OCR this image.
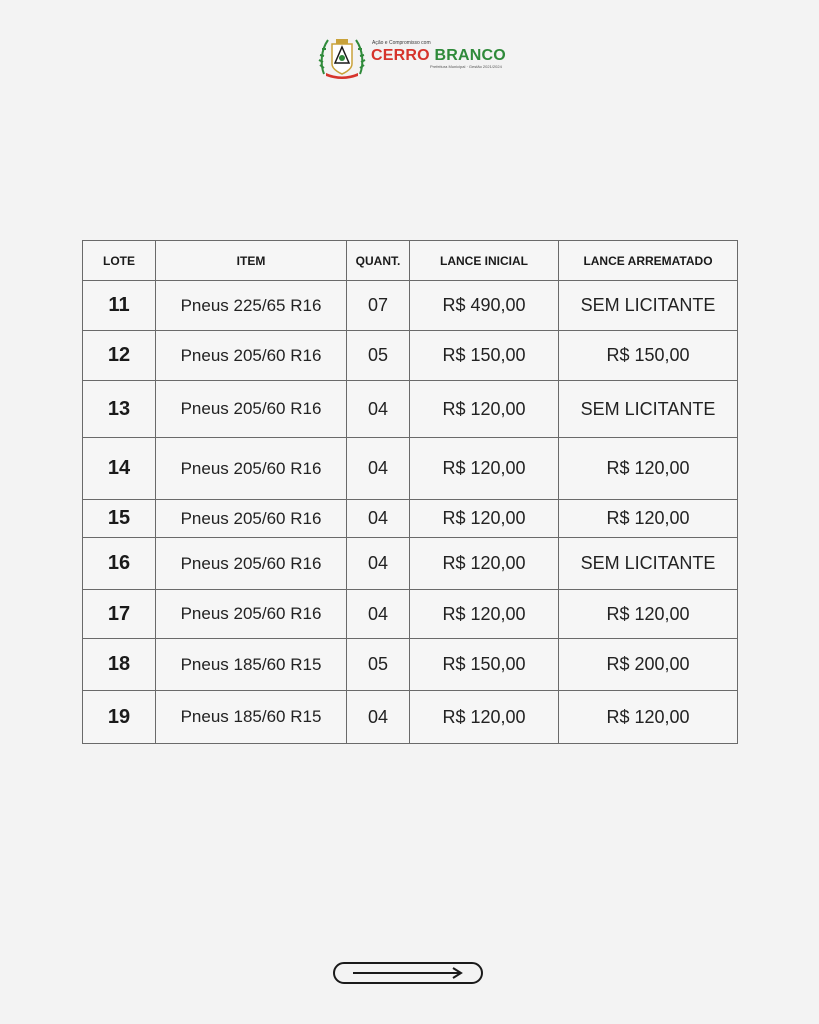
Ação e Compromisso com
CERRO BRANCO
Prefeitura Municipal · Gestão 2021/2024
LOTE	ITEM	QUANT.	LANCE INICIAL	LANCE ARREMATADO
11	Pneus 225/65 R16	07	R$ 490,00	SEM LICITANTE
12	Pneus 205/60 R16	05	R$ 150,00	R$ 150,00
13	Pneus 205/60 R16	04	R$ 120,00	SEM LICITANTE
14	Pneus 205/60 R16	04	R$ 120,00	R$ 120,00
15	Pneus 205/60 R16	04	R$ 120,00	R$ 120,00
16	Pneus 205/60 R16	04	R$ 120,00	SEM LICITANTE
17	Pneus 205/60 R16	04	R$ 120,00	R$ 120,00
18	Pneus 185/60 R15	05	R$ 150,00	R$ 200,00
19	Pneus 185/60 R15	04	R$ 120,00	R$ 120,00
